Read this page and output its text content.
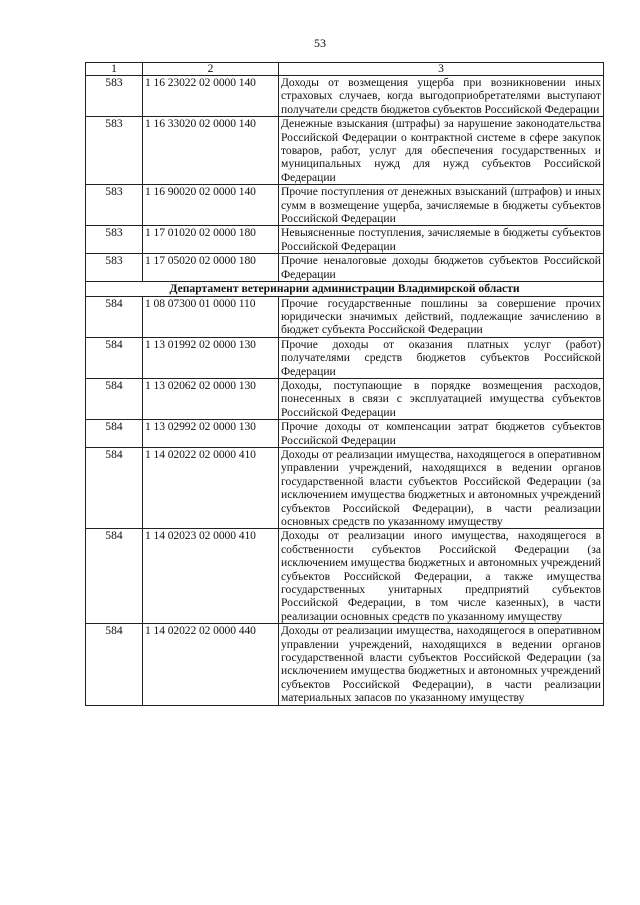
53
1	2	3
583	1 16 23022 02 0000 140	Доходы от возмещения ущерба при возникновении иных страховых случаев, когда выгодоприобретателями выступают получатели средств бюджетов субъектов Российской Федерации
583	1 16 33020 02 0000 140	Денежные взыскания (штрафы) за нарушение законодательства Российской Федерации о контрактной системе в сфере закупок товаров, работ, услуг для обеспечения государственных и муниципальных нужд для нужд субъектов Российской Федерации
583	1 16 90020 02 0000 140	Прочие поступления от денежных взысканий (штрафов) и иных сумм в возмещение ущерба, зачисляемые в бюджеты субъектов Российской Федерации
583	1 17 01020 02 0000 180	Невыясненные поступления, зачисляемые в бюджеты субъектов Российской Федерации
583	1 17 05020 02 0000 180	Прочие неналоговые доходы бюджетов субъектов Российской Федерации
Департамент ветеринарии администрации Владимирской области		
584	1 08 07300 01 0000 110	Прочие государственные пошлины за совершение прочих юридически значимых действий, подлежащие зачислению в бюджет субъекта Российской Федерации
584	1 13 01992 02 0000 130	Прочие доходы от оказания платных услуг (работ) получателями средств бюджетов субъектов Российской Федерации
584	1 13 02062 02 0000 130	Доходы, поступающие в порядке возмещения расходов, понесенных в связи с эксплуатацией имущества субъектов Российской Федерации
584	1 13 02992 02 0000 130	Прочие доходы от компенсации затрат бюджетов субъектов Российской Федерации
584	1 14 02022 02 0000 410	Доходы от реализации имущества, находящегося в оперативном управлении учреждений, находящихся в ведении органов государственной власти субъектов Российской Федерации (за исключением имущества бюджетных и автономных учреждений субъектов Российской Федерации), в части реализации основных средств по указанному имуществу
584	1 14 02023 02 0000 410	Доходы от реализации иного имущества, находящегося в собственности субъектов Российской Федерации (за исключением имущества бюджетных и автономных учреждений субъектов Российской Федерации, а также имущества государственных унитарных предприятий субъектов Российской Федерации, в том числе казенных), в части реализации основных средств по указанному имуществу
584	1 14 02022 02 0000 440	Доходы от реализации имущества, находящегося в оперативном управлении учреждений, находящихся в ведении органов государственной власти субъектов Российской Федерации (за исключением имущества бюджетных и автономных учреждений субъектов Российской Федерации), в части реализации материальных запасов по указанному имуществу
